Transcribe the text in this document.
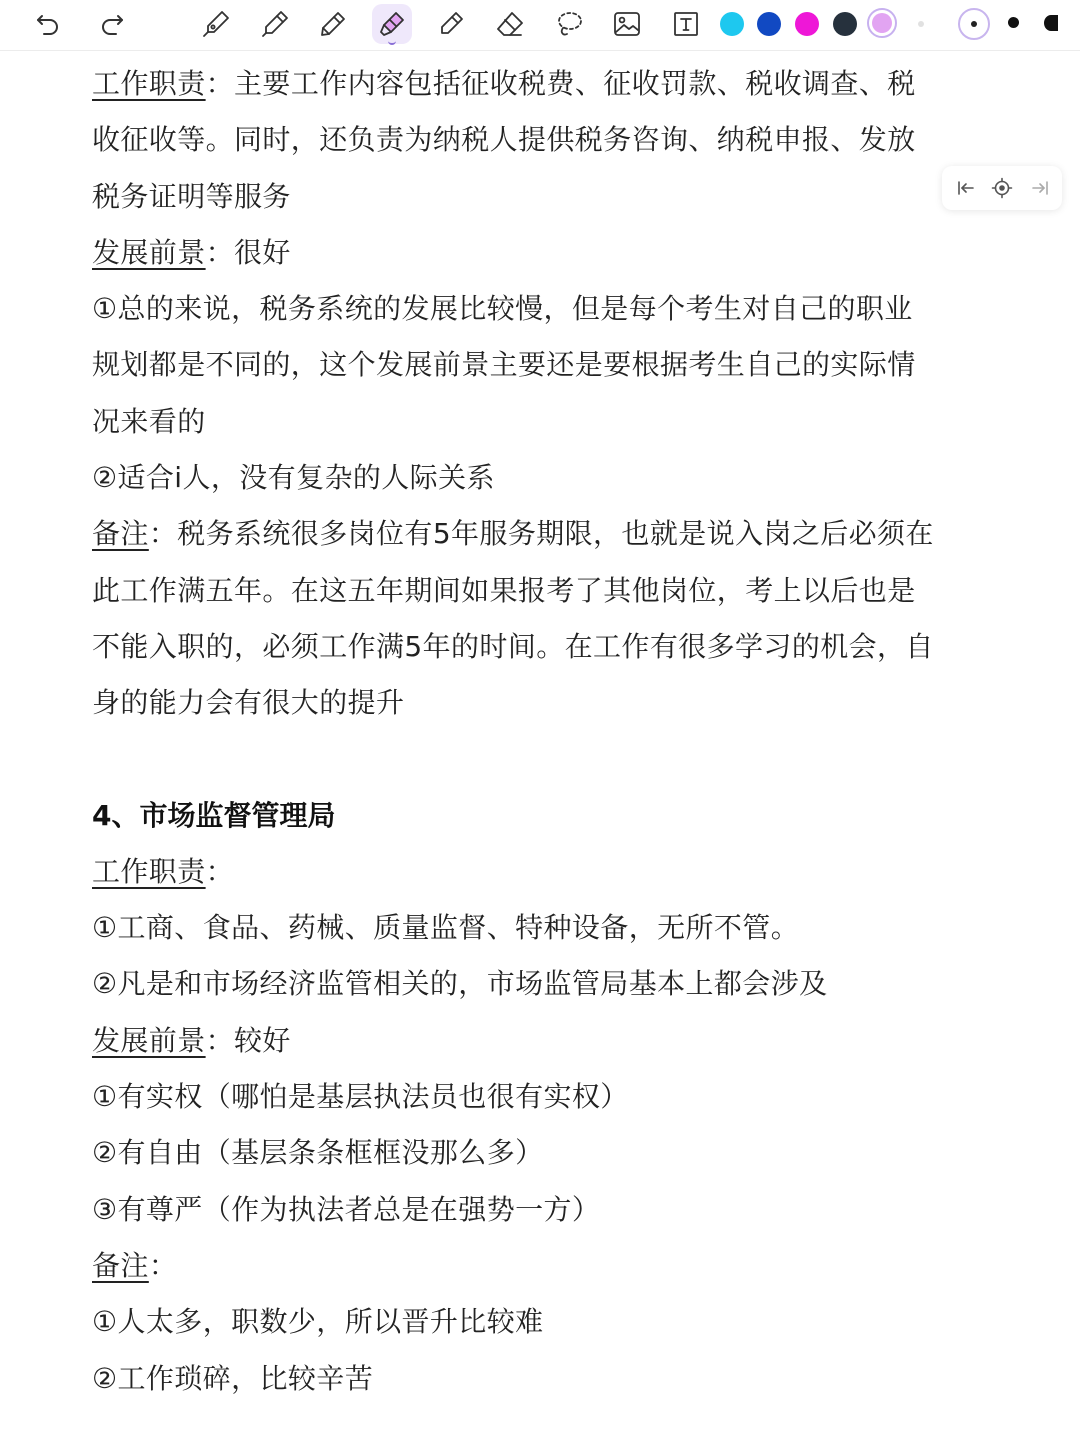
工作职责：主要工作内容包括征收税费、征收罚款、税收调查、税
收征收等。同时，还负责为纳税人提供税务咨询、纳税申报、发放
税务证明等服务
发展前景：很好
①总的来说，税务系统的发展比较慢，但是每个考生对自己的职业
规划都是不同的，这个发展前景主要还是要根据考生自己的实际情
况来看的
②适合i人，没有复杂的人际关系
备注：税务系统很多岗位有5年服务期限，也就是说入岗之后必须在
此工作满五年。在这五年期间如果报考了其他岗位，考上以后也是
不能入职的，必须工作满5年的时间。在工作有很多学习的机会，自
身的能力会有很大的提升
4、市场监督管理局
工作职责：
①工商、食品、药械、质量监督、特种设备，无所不管。
②凡是和市场经济监管相关的，市场监管局基本上都会涉及
发展前景：较好
①有实权（哪怕是基层执法员也很有实权）
②有自由（基层条条框框没那么多）
③有尊严（作为执法者总是在强势一方）
备注：
①人太多，职数少，所以晋升比较难
②工作琐碎，比较辛苦
